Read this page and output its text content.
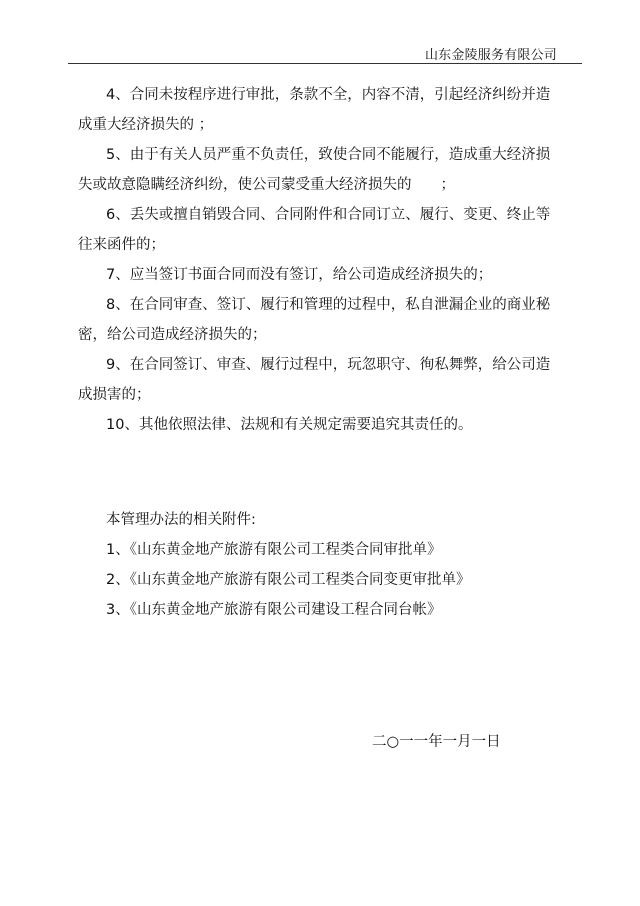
山东金陵服务有限公司

4、合同未按程序进行审批，条款不全，内容不清，引起经济纠纷并造
成重大经济损失的 ；

5、由于有关人员严重不负责任，致使合同不能履行，造成重大经济损
失或故意隐瞒经济纠纷，使公司蒙受重大经济损失的　　；

6、丢失或擅自销毁合同、合同附件和合同订立、履行、变更、终止等
往来函件的；

7、应当签订书面合同而没有签订，给公司造成经济损失的；

8、在合同审查、签订、履行和管理的过程中，私自泄漏企业的商业秘
密，给公司造成经济损失的；

9、在合同签订、审查、履行过程中，玩忽职守、徇私舞弊，给公司造
成损害的；

10、其他依照法律、法规和有关规定需要追究其责任的。

本管理办法的相关附件:

1、《山东黄金地产旅游有限公司工程类合同审批单》

2、《山东黄金地产旅游有限公司工程类合同变更审批单》

3、《山东黄金地产旅游有限公司建设工程合同台帐》

二○一一年一月一日
